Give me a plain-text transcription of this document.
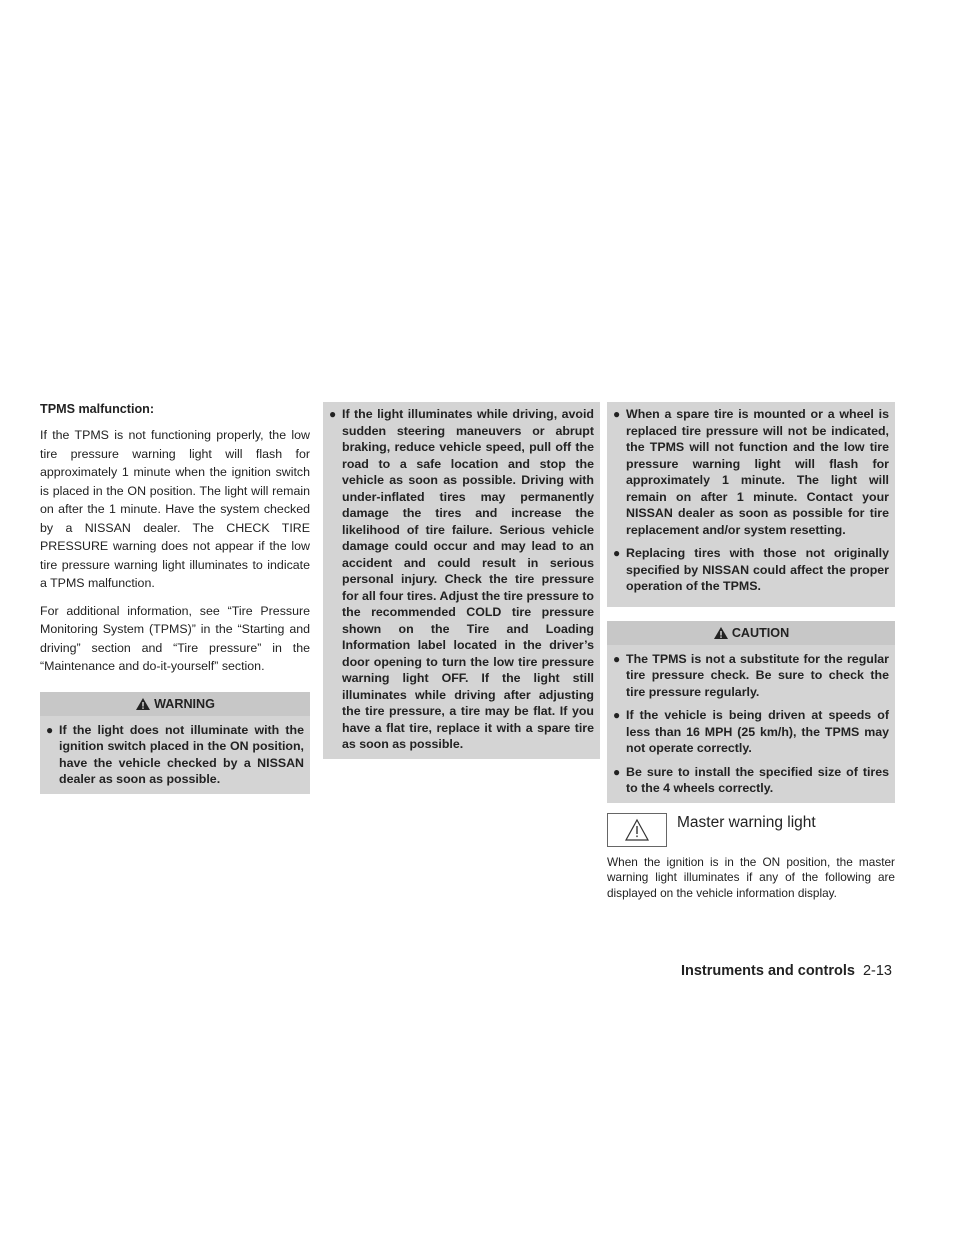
TPMS malfunction:

If the TPMS is not functioning properly, the low tire pressure warning light will flash for approximately 1 minute when the ignition switch is placed in the ON position. The light will remain on after the 1 minute. Have the system checked by a NISSAN dealer. The CHECK TIRE PRESSURE warning does not appear if the low tire pressure warning light illuminates to indicate a TPMS malfunction.

For additional information, see “Tire Pressure Monitoring System (TPMS)” in the “Starting and driving” section and “Tire pressure” in the “Maintenance and do-it-yourself” section.

WARNING
● If the light does not illuminate with the ignition switch placed in the ON position, have the vehicle checked by a NISSAN dealer as soon as possible.
● If the light illuminates while driving, avoid sudden steering maneuvers or abrupt braking, reduce vehicle speed, pull off the road to a safe location and stop the vehicle as soon as possible. Driving with under-inflated tires may permanently damage the tires and increase the likelihood of tire failure. Serious vehicle damage could occur and may lead to an accident and could result in serious personal injury. Check the tire pressure for all four tires. Adjust the tire pressure to the recommended COLD tire pressure shown on the Tire and Loading Information label located in the driver’s door opening to turn the low tire pressure warning light OFF. If the light still illuminates while driving after adjusting the tire pressure, a tire may be flat. If you have a flat tire, replace it with a spare tire as soon as possible.
● When a spare tire is mounted or a wheel is replaced tire pressure will not be indicated, the TPMS will not function and the low tire pressure warning light will flash for approximately 1 minute. The light will remain on after 1 minute. Contact your NISSAN dealer as soon as possible for tire replacement and/or system resetting.
● Replacing tires with those not originally specified by NISSAN could affect the proper operation of the TPMS.
CAUTION
● The TPMS is not a substitute for the regular tire pressure check. Be sure to check the tire pressure regularly.
● If the vehicle is being driven at speeds of less than 16 MPH (25 km/h), the TPMS may not operate correctly.
● Be sure to install the specified size of tires to the 4 wheels correctly.
Master warning light

When the ignition is in the ON position, the master warning light illuminates if any of the following are displayed on the vehicle information display.

Instruments and controls 2-13
